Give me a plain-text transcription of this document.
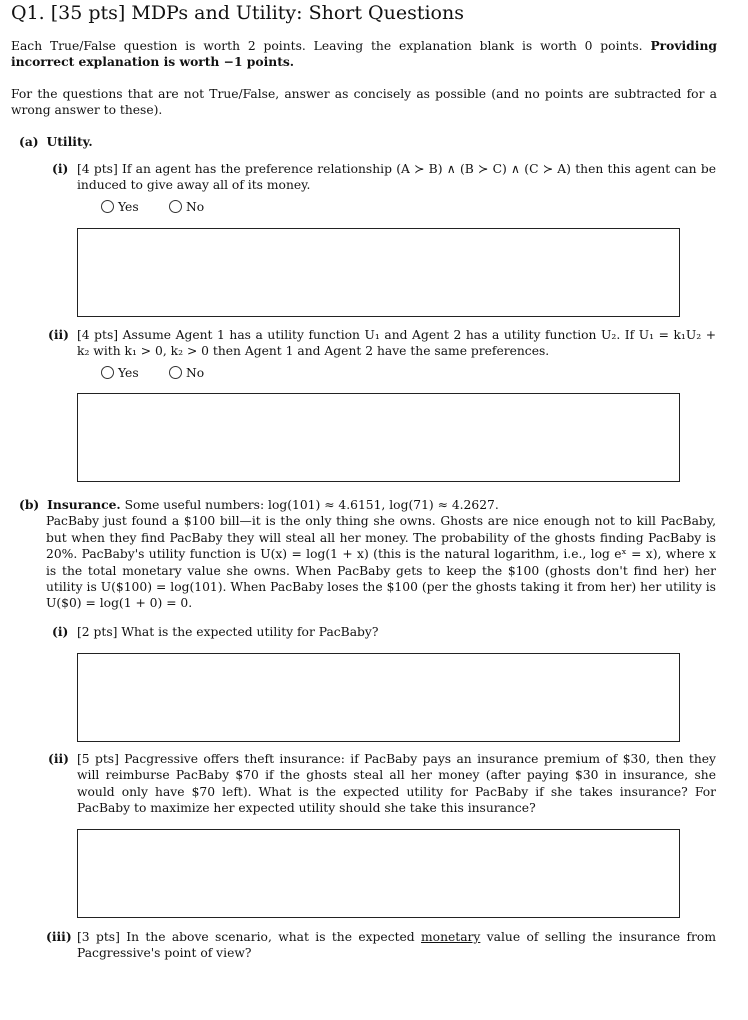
Q1. [35 pts] MDPs and Utility: Short Questions
Each True/False question is worth 2 points. Leaving the explanation blank is worth 0 points. Providing incorrect explanation is worth −1 points.
For the questions that are not True/False, answer as concisely as possible (and no points are subtracted for a wrong answer to these).
(a) Utility.
(i) [4 pts] If an agent has the preference relationship (A ≻ B) ∧ (B ≻ C) ∧ (C ≻ A) then this agent can be induced to give away all of its money.
Yes	No
(ii) [4 pts] Assume Agent 1 has a utility function U₁ and Agent 2 has a utility function U₂. If U₁ = k₁U₂ + k₂ with k₁ > 0, k₂ > 0 then Agent 1 and Agent 2 have the same preferences.
Yes	No
(b) Insurance. Some useful numbers: log(101) ≈ 4.6151, log(71) ≈ 4.2627.
PacBaby just found a $100 bill—it is the only thing she owns. Ghosts are nice enough not to kill PacBaby, but when they find PacBaby they will steal all her money. The probability of the ghosts finding PacBaby is 20%. PacBaby's utility function is U(x) = log(1 + x) (this is the natural logarithm, i.e., log eˣ = x), where x is the total monetary value she owns. When PacBaby gets to keep the $100 (ghosts don't find her) her utility is U($100) = log(101). When PacBaby loses the $100 (per the ghosts taking it from her) her utility is U($0) = log(1 + 0) = 0.
(i) [2 pts] What is the expected utility for PacBaby?
(ii) [5 pts] Pacgressive offers theft insurance: if PacBaby pays an insurance premium of $30, then they will reimburse PacBaby $70 if the ghosts steal all her money (after paying $30 in insurance, she would only have $70 left). What is the expected utility for PacBaby if she takes insurance? For PacBaby to maximize her expected utility should she take this insurance?
(iii) [3 pts] In the above scenario, what is the expected monetary value of selling the insurance from Pacgressive's point of view?
